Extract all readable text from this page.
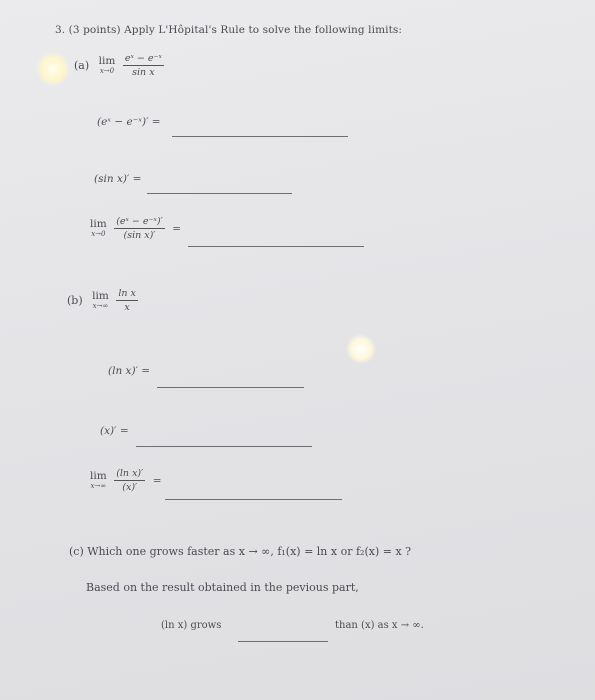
3. (3 points) Apply L'Hôpital's Rule to solve the following limits:
(a) lim
x→0
$\frac{\text{eˣ − e⁻ˣ}}{\text{sin x}}$
(eˣ − e⁻ˣ)′ =
(sin x)′ =
lim
x→0
$\frac{\text{(eˣ − e⁻ˣ)′}}{\text{(sin x)′}}$ =
(b) lim
x→∞
$\frac{\text{ln x}}{x}$
(ln x)′ =
(x)′ =
lim
x→∞
$\frac{\text{(ln x)′}}{(x)'}$ =
(c) Which one grows faster as x → ∞, f₁(x) = ln x or f₂(x) = x ?
Based on the result obtained in the pevious part,
(ln x) grows	than (x) as x → ∞.
